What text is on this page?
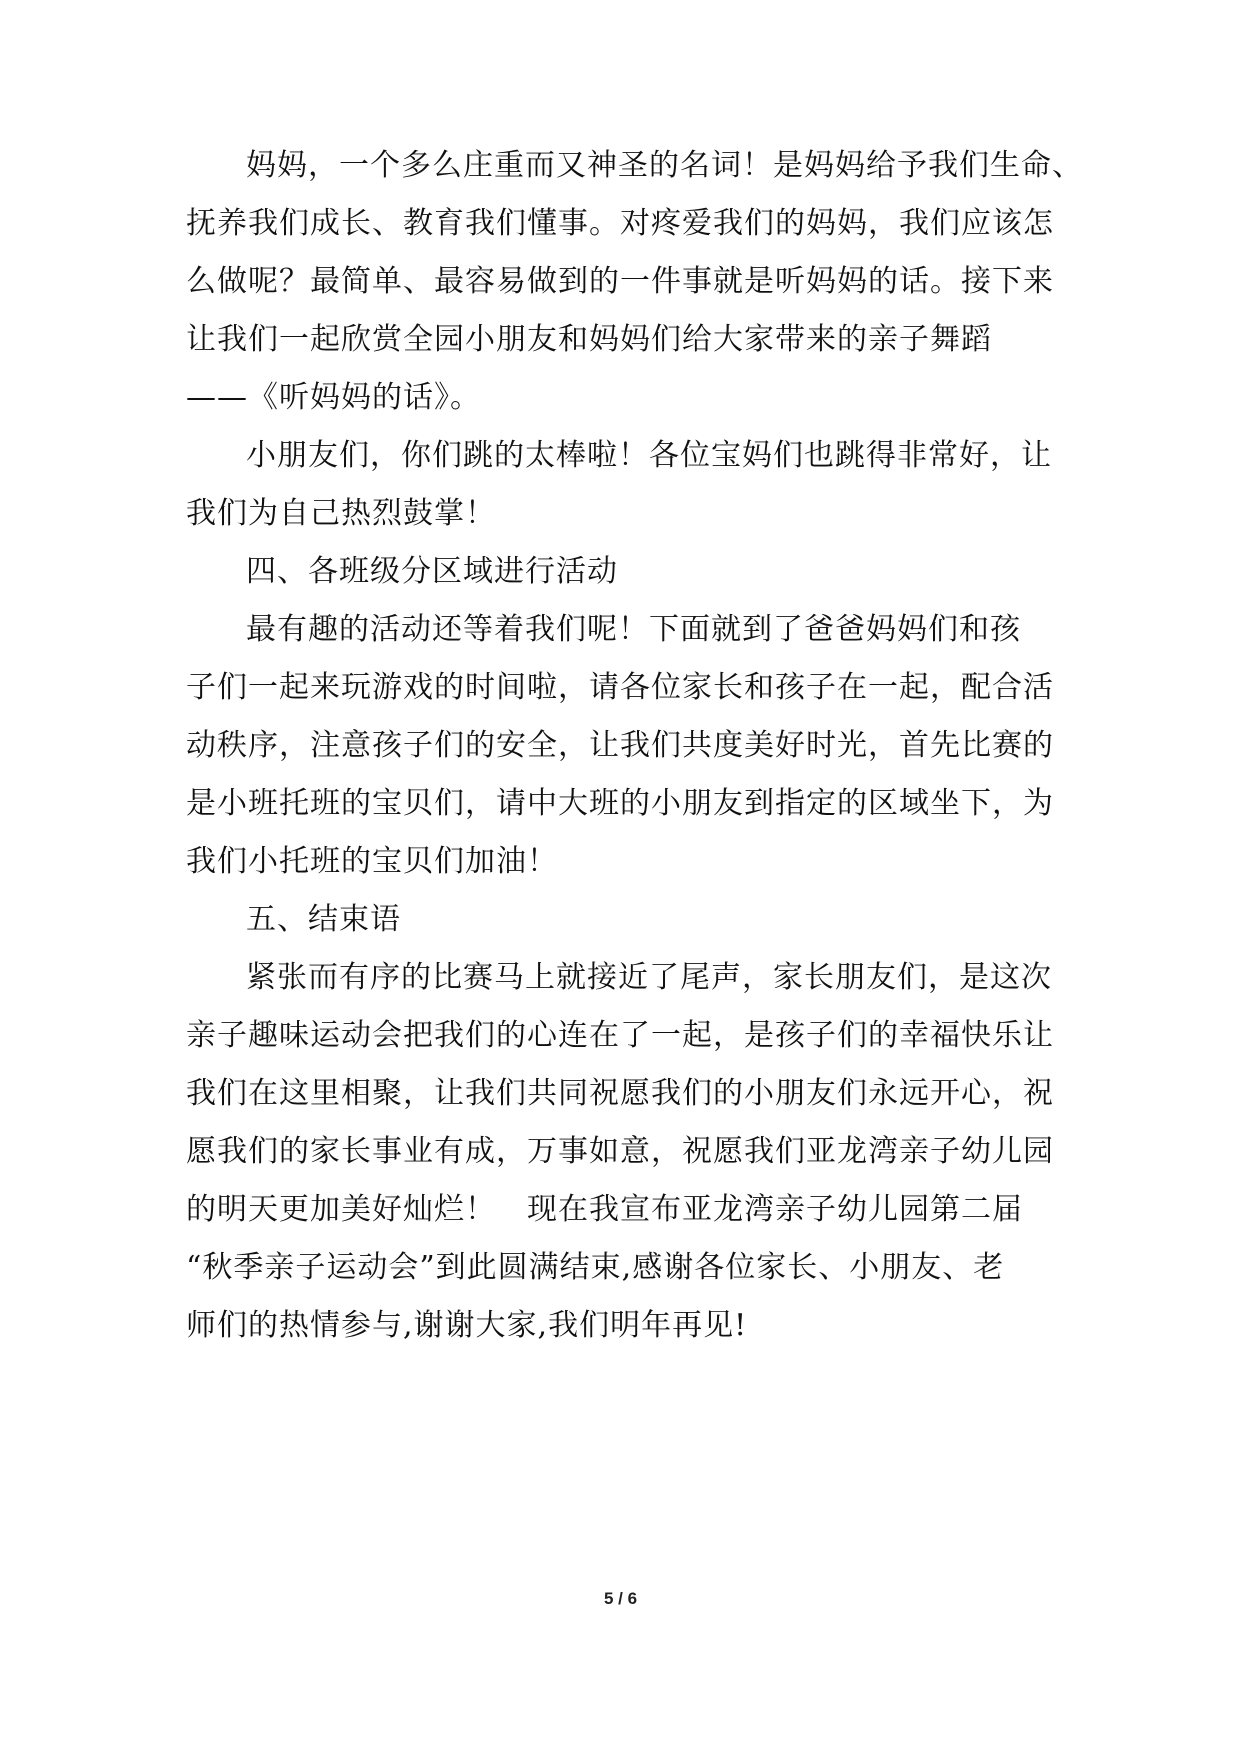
妈妈，一个多么庄重而又神圣的名词！是妈妈给予我们生命、
抚养我们成长、教育我们懂事。对疼爱我们的妈妈，我们应该怎
么做呢？最简单、最容易做到的一件事就是听妈妈的话。接下来
让我们一起欣赏全园小朋友和妈妈们给大家带来的亲子舞蹈
——《听妈妈的话》。
小朋友们，你们跳的太棒啦！各位宝妈们也跳得非常好，让
我们为自己热烈鼓掌！
四、各班级分区域进行活动
最有趣的活动还等着我们呢！下面就到了爸爸妈妈们和孩
子们一起来玩游戏的时间啦，请各位家长和孩子在一起，配合活
动秩序，注意孩子们的安全，让我们共度美好时光，首先比赛的
是小班托班的宝贝们，请中大班的小朋友到指定的区域坐下，为
我们小托班的宝贝们加油！
五、结束语
紧张而有序的比赛马上就接近了尾声，家长朋友们，是这次
亲子趣味运动会把我们的心连在了一起，是孩子们的幸福快乐让
我们在这里相聚，让我们共同祝愿我们的小朋友们永远开心，祝
愿我们的家长事业有成，万事如意，祝愿我们亚龙湾亲子幼儿园
的明天更加美好灿烂！　现在我宣布亚龙湾亲子幼儿园第二届
“秋季亲子运动会”到此圆满结束,感谢各位家长、小朋友、老
师们的热情参与,谢谢大家,我们明年再见!
5 / 6
